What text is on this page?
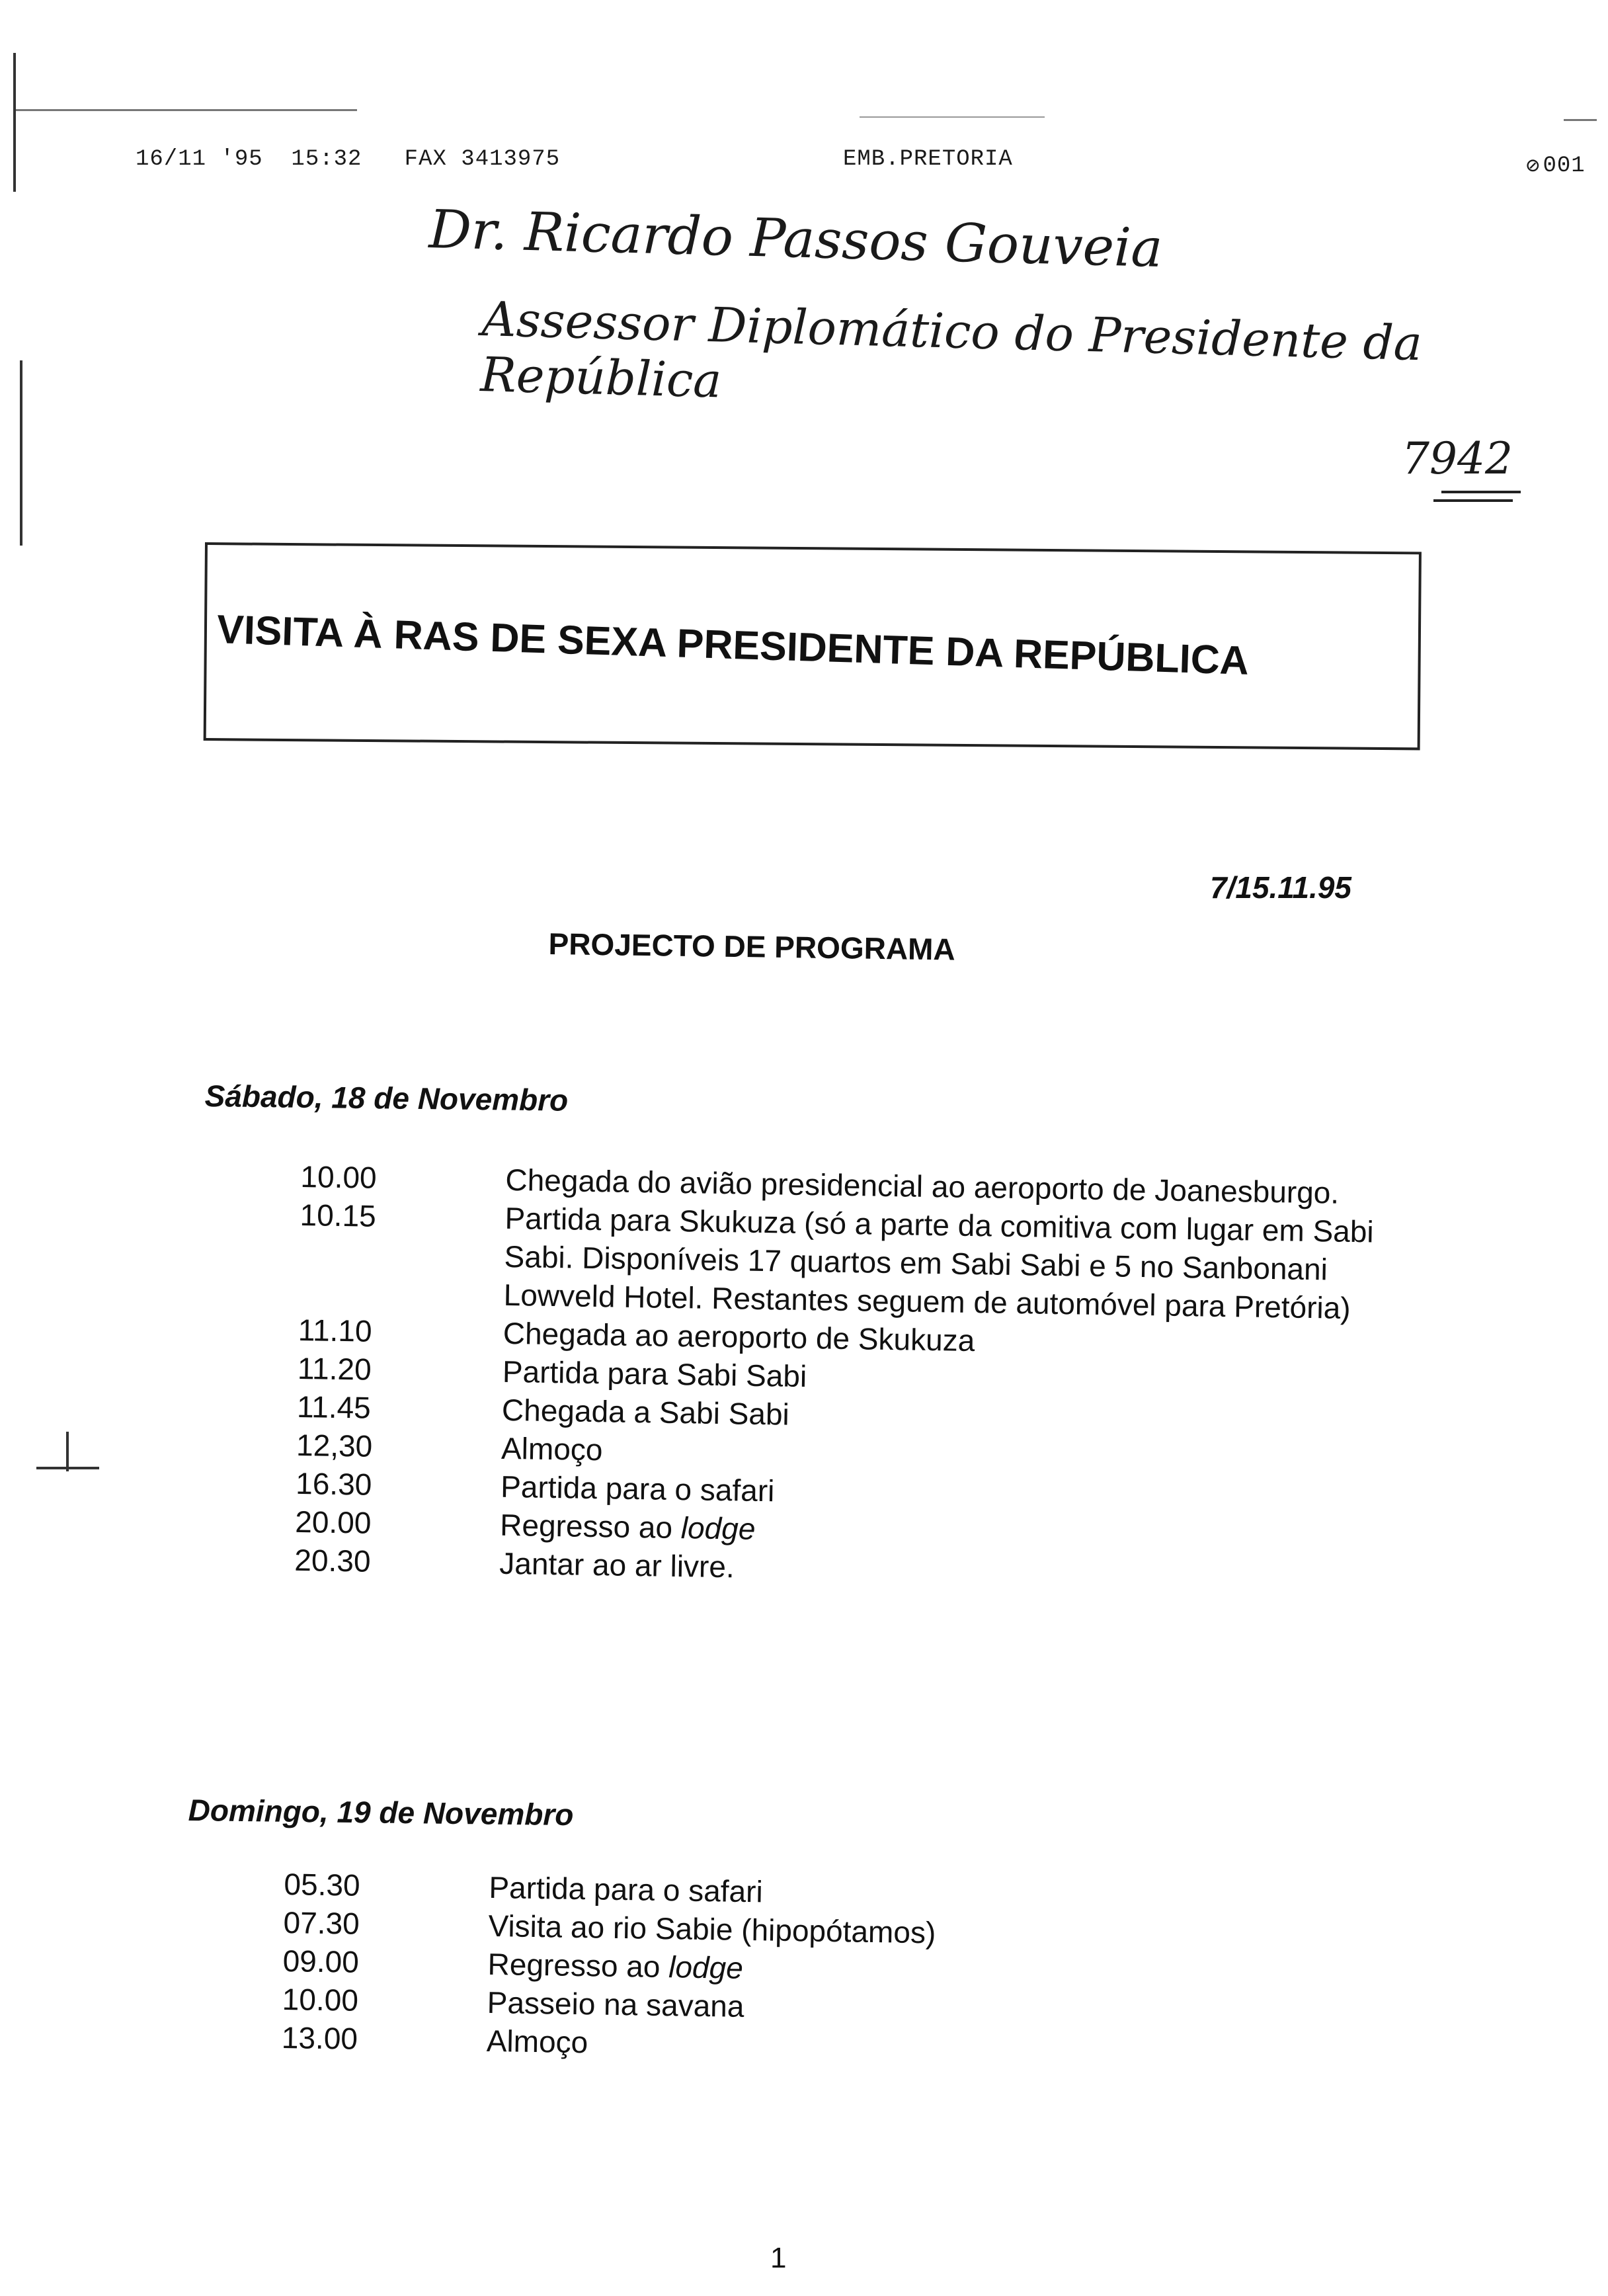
16/11 '95  15:32 FAX 3413975	EMB.PRETORIA	⊘ 001
Dr. Ricardo Passos Gouveia
Assessor Diplomático do Presidente da República
7942
VISITA À RAS DE SEXA PRESIDENTE DA REPÚBLICA
7/15.11.95
PROJECTO DE PROGRAMA
Sábado, 18 de Novembro
10.00	Chegada do avião presidencial ao aeroporto de Joanesburgo.
10.15	Partida para Skukuza (só a parte da comitiva com lugar em Sabi Sabi. Disponíveis 17 quartos em Sabi Sabi e 5 no Sanbonani Lowveld Hotel. Restantes seguem de automóvel para Pretória)
11.10	Chegada ao aeroporto de Skukuza
11.20	Partida para Sabi Sabi
11.45	Chegada a Sabi Sabi
12,30	Almoço
16.30	Partida para o safari
20.00	Regresso ao lodge
20.30	Jantar ao ar livre.
Domingo, 19 de Novembro
05.30	Partida para o safari
07.30	Visita ao rio Sabie (hipopótamos)
09.00	Regresso ao lodge
10.00	Passeio na savana
13.00	Almoço
1
